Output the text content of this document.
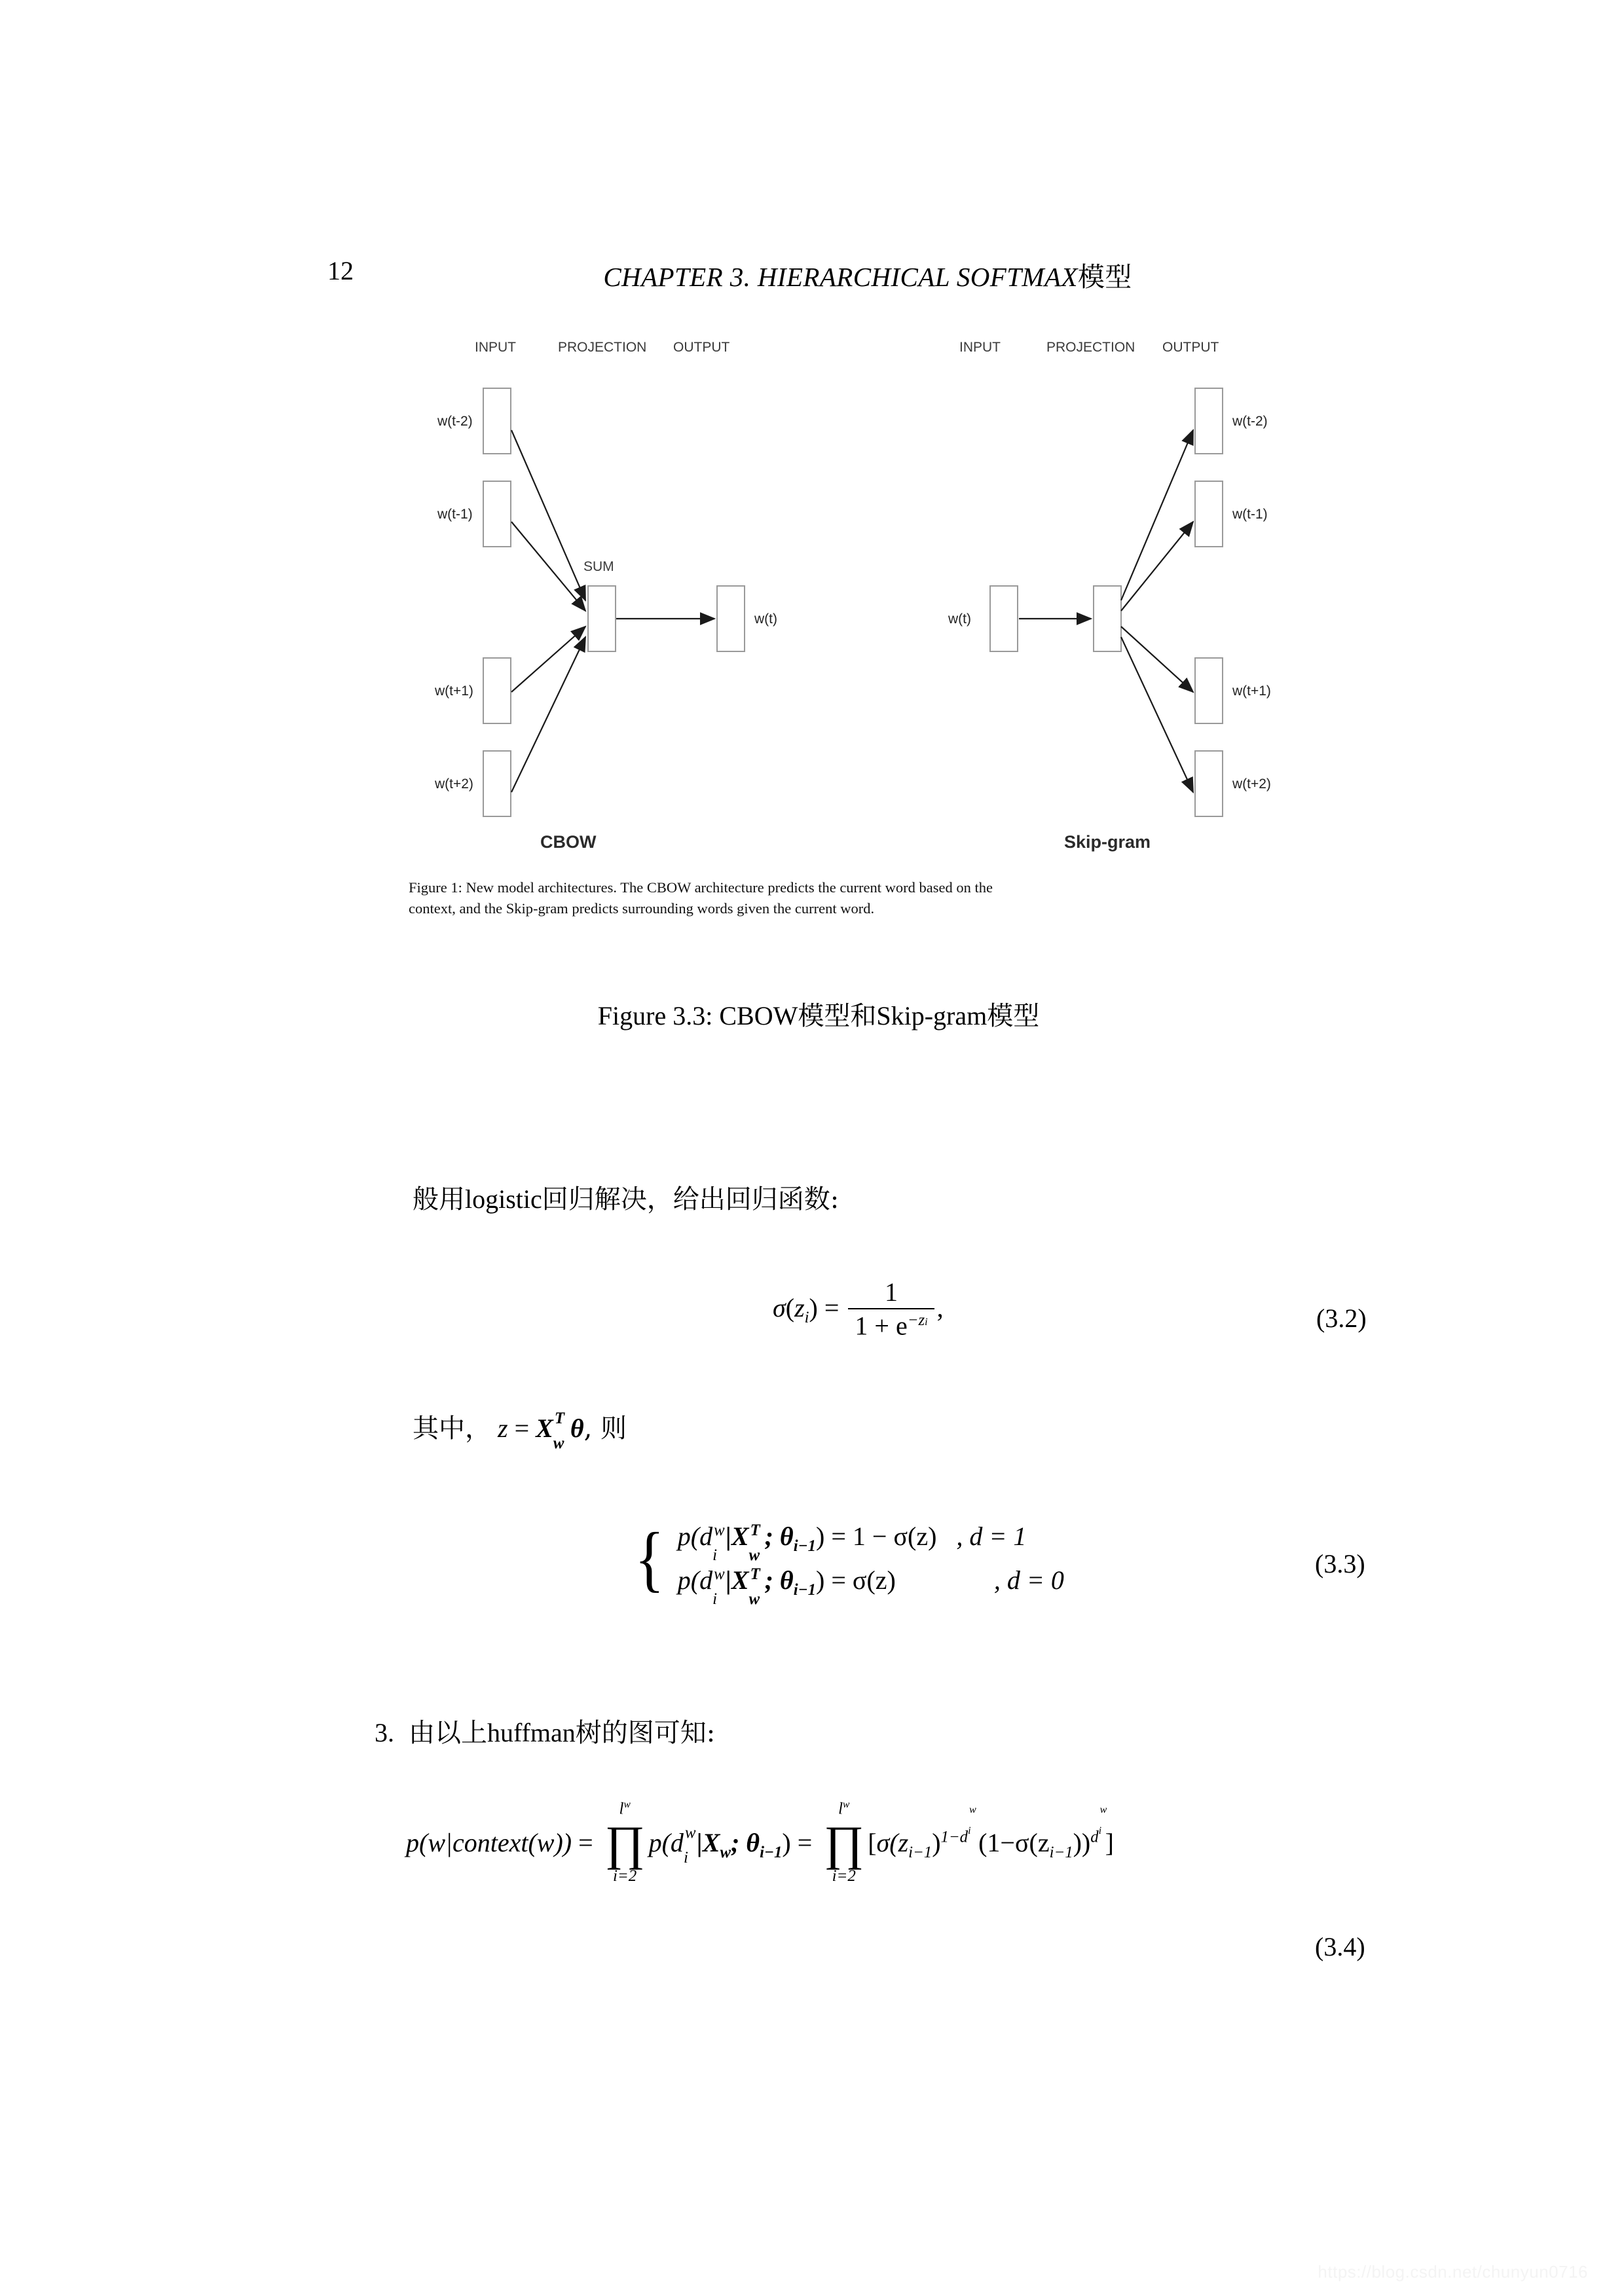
12	CHAPTER 3. HIERARCHICAL SOFTMAX模型
INPUT	PROJECTION OUTPUT
w(t-2)
w(t-1)
w(t+1)
w(t+2)
SUM
w(t)
CBOW
INPUT	PROJECTION OUTPUT
w(t)
w(t-2)
w(t-1)
w(t+1)
w(t+2)
Skip-gram
Figure 1: New model architectures. The CBOW architecture predicts the current word based on the
context, and the Skip-gram predicts surrounding words given the current word.
Figure 3.3: CBOW模型和Skip-gram模型
般用logistic回归解决，给出回归函数:
$\sigma(z_i) = \frac{1}{1 + e^{-zi}}$ ,	(3.2)
其中， z = X T
w
θ, 则
{ p(d w
i
|X T
w
; $\theta_{i-1}) = 1 - \sigma(z)$ , d = 1
p(d w
i
|X T
w
; $\theta_{i-1}) = \sigma(z)$	, d = 0
(3.3)
3. 由以上huffman树的图可知:
p(w|context(w)) =
$l^w$
∏
i=2
p(d w
i
$|X_w$; $\theta_{i-1}$) =
$l^w$
∏
i=2
[$\sigma(z_{i-1})^{1-d}$
w
i $(1-\sigma(z_{i-1}))^d$
w
i ]
(3.4)
https://blog.csdn.net/chunyun0716
